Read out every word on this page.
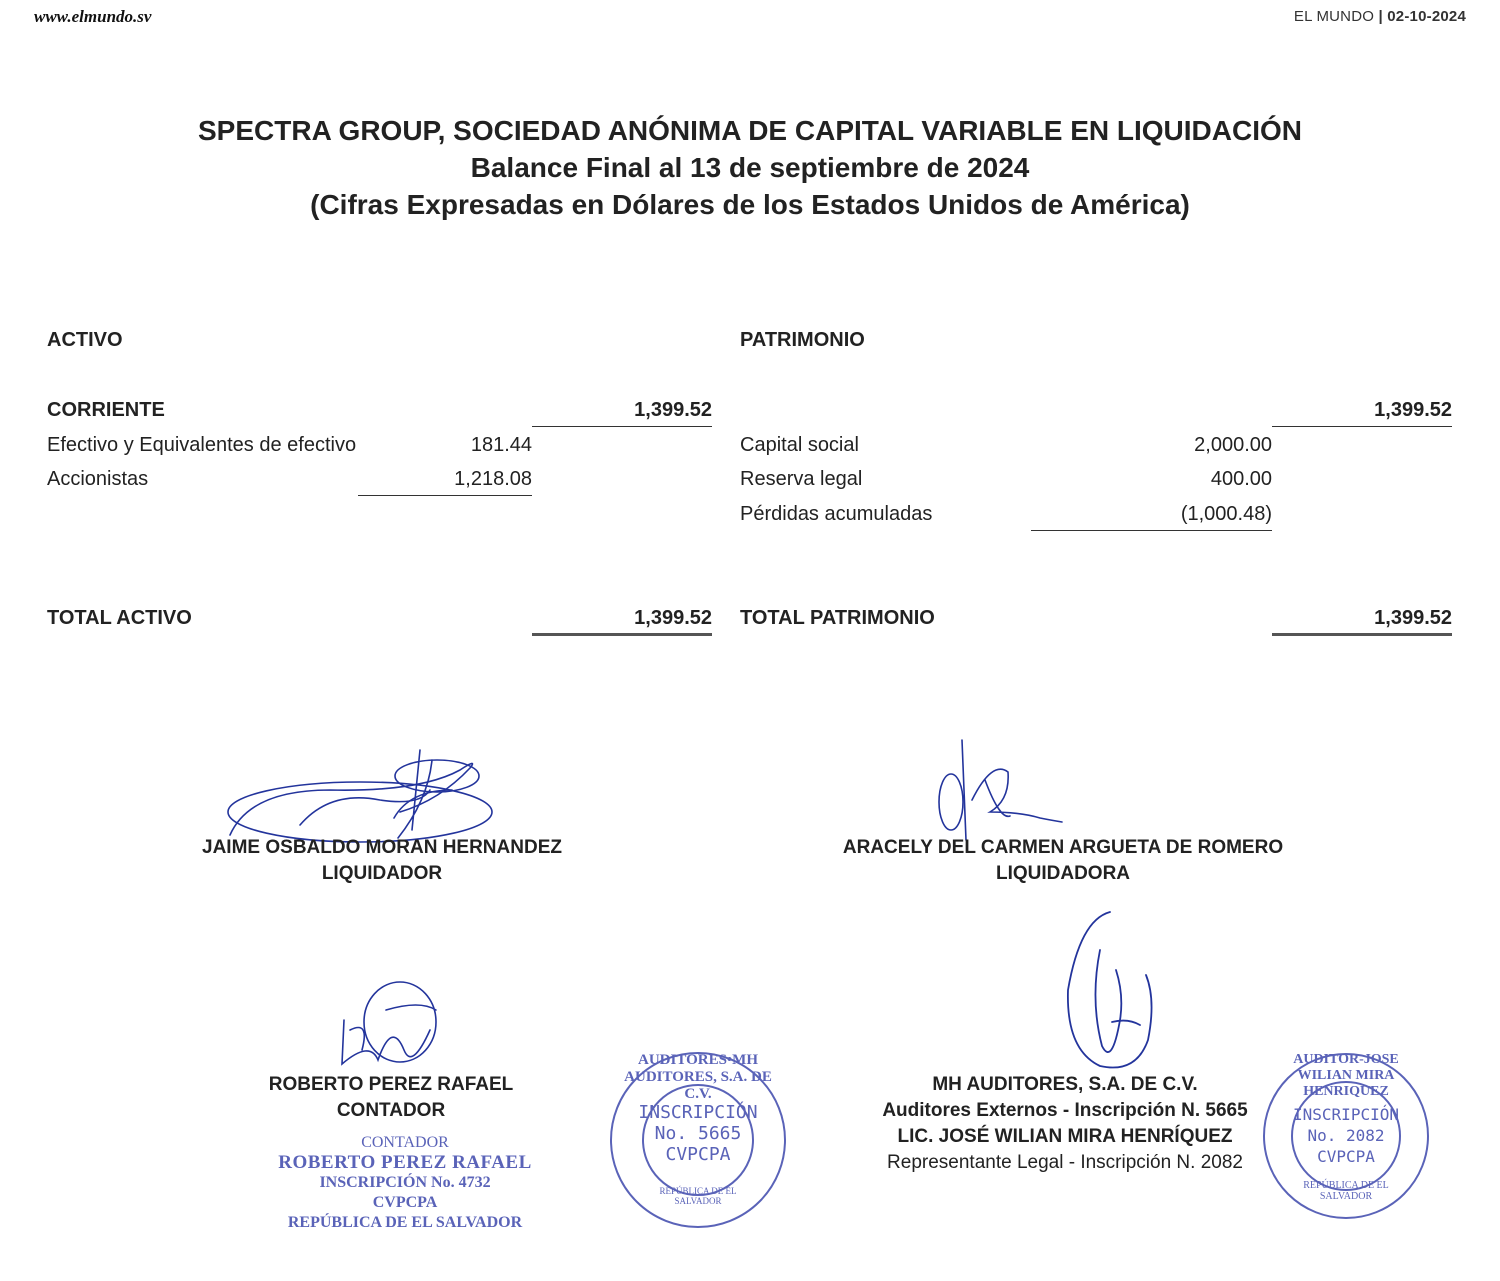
www.elmundo.sv	EL MUNDO | 02-10-2024
SPECTRA GROUP, SOCIEDAD ANÓNIMA DE CAPITAL VARIABLE EN LIQUIDACIÓN
Balance Final al 13 de septiembre de 2024
(Cifras Expresadas en Dólares de los Estados Unidos de América)
ACTIVO
CORRIENTE	1,399.52
Efectivo y Equivalentes de efectivo	181.44
Accionistas	1,218.08
TOTAL ACTIVO	1,399.52
PATRIMONIO
1,399.52
Capital social	2,000.00
Reserva legal	400.00
Pérdidas acumuladas	(1,000.48)
TOTAL PATRIMONIO	1,399.52
AUDITORES•MH AUDITORES, S.A. DE C.V.
INSCRIPCIÓN
No. 5665
CVPCPA
REPÚBLICA DE EL SALVADOR
AUDITOR-JOSE WILIAN MIRA HENRIQUEZ
INSCRIPCIÓN
No. 2082
CVPCPA
REPÚBLICA DE EL SALVADOR
JAIME OSBALDO MORAN HERNANDEZ
LIQUIDADOR
ARACELY DEL CARMEN ARGUETA DE ROMERO
LIQUIDADORA
ROBERTO PEREZ RAFAEL
CONTADOR
MH AUDITORES, S.A. DE C.V.
Auditores Externos - Inscripción N. 5665
LIC. JOSÉ WILIAN MIRA HENRÍQUEZ
Representante Legal - Inscripción N. 2082
CONTADOR
ROBERTO PEREZ RAFAEL
INSCRIPCIÓN No. 4732
CVPCPA
REPÚBLICA DE EL SALVADOR
